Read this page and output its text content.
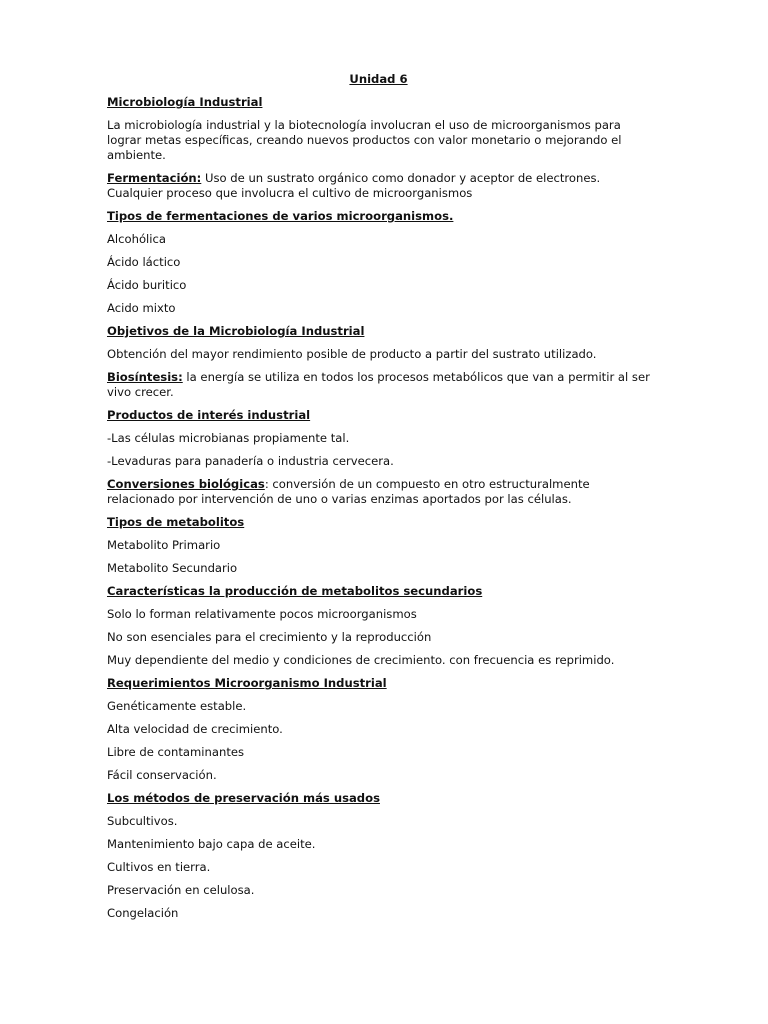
Unidad 6

Microbiología Industrial

La microbiología industrial y la biotecnología involucran el uso de microorganismos para lograr metas específicas, creando nuevos productos con valor monetario o mejorando el ambiente.

Fermentación: Uso de un sustrato orgánico como donador y aceptor de electrones. Cualquier proceso que involucra el cultivo de microorganismos

Tipos de fermentaciones de varios microorganismos.

Alcohólica

Ácido láctico

Ácido buritico

Acido mixto

Objetivos de la Microbiología Industrial

Obtención del mayor rendimiento posible de producto a partir del sustrato utilizado.

Biosíntesis: la energía se utiliza en todos los procesos metabólicos que van a permitir al ser vivo crecer.

Productos de interés industrial

-Las células microbianas propiamente tal.

-Levaduras para panadería o industria cervecera.

Conversiones biológicas: conversión de un compuesto en otro estructuralmente relacionado por intervención de uno o varias enzimas aportados por las células.

Tipos de metabolitos

Metabolito Primario

Metabolito Secundario

Características la producción de metabolitos secundarios

Solo lo forman relativamente pocos microorganismos

No son esenciales para el crecimiento y la reproducción

Muy dependiente del medio y condiciones de crecimiento. con frecuencia es reprimido.

Requerimientos Microorganismo Industrial

Genéticamente estable.

Alta velocidad de crecimiento.

Libre de contaminantes

Fácil conservación.

Los métodos de preservación más usados

Subcultivos.

Mantenimiento bajo capa de aceite.

Cultivos en tierra.

Preservación en celulosa.

Congelación
